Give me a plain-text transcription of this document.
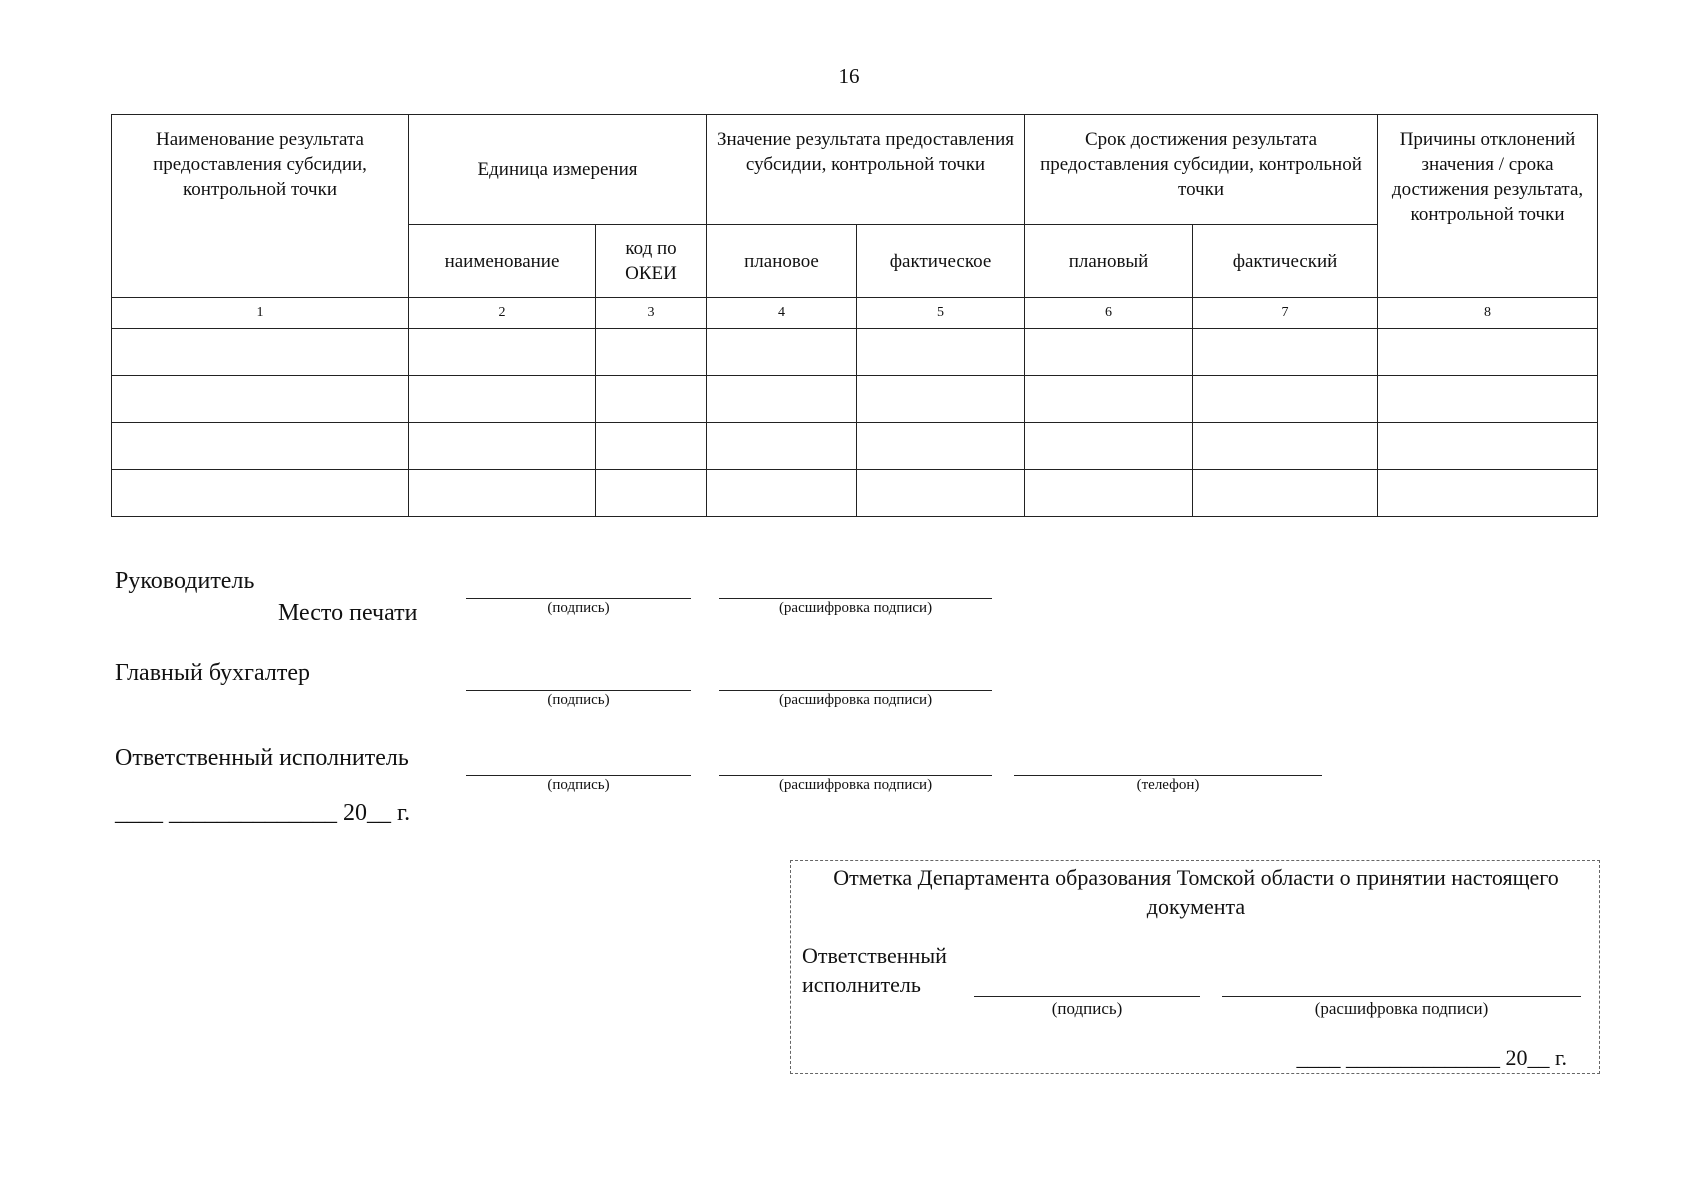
16
Наименование результата предоставления субсидии, контрольной точки	Единица измерения		Значение результата предоставления субсидии, контрольной точки		Срок достижения результата предоставления субсидии, контрольной точки		Причины отклонений значения / срока достижения результата, контрольной точки
	наименование	код по ОКЕИ	плановое	фактическое	плановый	фактический	
1	2	3	4	5	6	7	8

Руководитель
Место печати	(подпись)	(расшифровка подписи)
Главный бухгалтер
(подпись)	(расшифровка подписи)
Ответственный исполнитель
(подпись)	(расшифровка подписи)	(телефон)
____ ______________ 20__ г.
Отметка Департамента образования Томской области о принятии настоящего документа
Ответственный исполнитель
(подпись)	(расшифровка подписи)
____ ______________ 20__ г.
